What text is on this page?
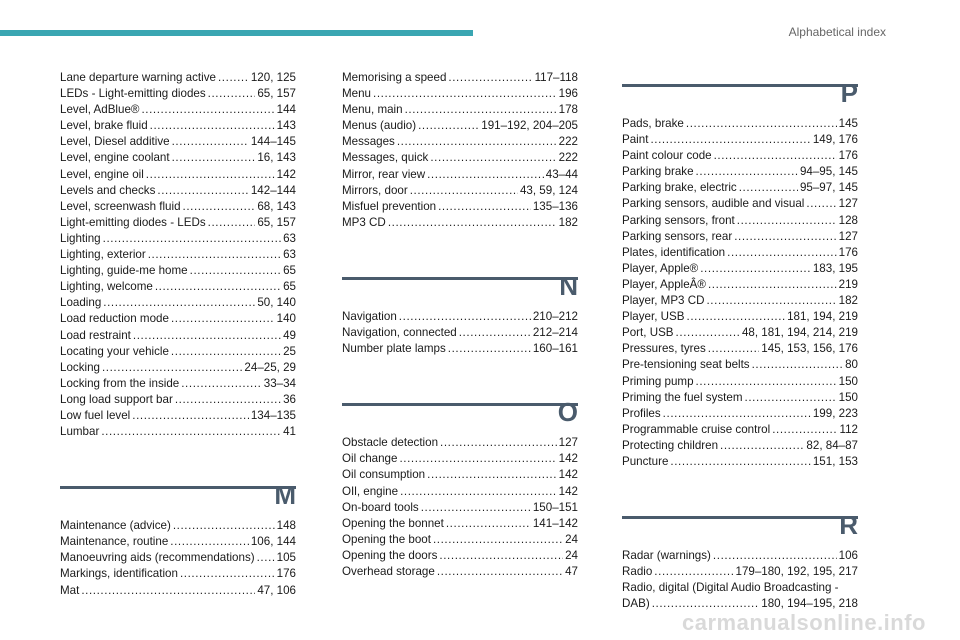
Alphabetical index
Lane departure warning active .....	120, 125
LEDs - Light-emitting diodes .....	65, 157
Level, AdBlue® .....	144
Level, brake fluid .....	143
Level, Diesel additive .....	144–145
Level, engine coolant .....	16, 143
Level, engine oil .....	142
Levels and checks .....	142–144
Level, screenwash fluid .....	68, 143
Light-emitting diodes - LEDs .....	65, 157
Lighting .....	63
Lighting, exterior .....	63
Lighting, guide-me home .....	65
Lighting, welcome .....	65
Loading .....	50, 140
Load reduction mode .....	140
Load restraint .....	49
Locating your vehicle .....	25
Locking .....	24–25, 29
Locking from the inside .....	33–34
Long load support bar .....	36
Low fuel level .....	134–135
Lumbar .....	41
M
Maintenance (advice) .....	148
Maintenance, routine .....	106, 144
Manoeuvring aids (recommendations) ..... 105
Markings, identification .....	176
Mat .....	47, 106
Memorising a speed .....	117–118
Menu .....	196
Menu, main .....	178
Menus (audio) .....	191–192, 204–205
Messages .....	222
Messages, quick .....	222
Mirror, rear view .....	43–44
Mirrors, door .....	43, 59, 124
Misfuel prevention .....	135–136
MP3 CD .....	182
N
Navigation .....	210–212
Navigation, connected .....	212–214
Number plate lamps .....	160–161
O
Obstacle detection .....	127
Oil change .....	142
Oil consumption .....	142
OIl, engine .....	142
On-board tools .....	150–151
Opening the bonnet .....	141–142
Opening the boot .....	24
Opening the doors .....	24
Overhead storage .....	47
P
Pads, brake .....	145
Paint .....	149, 176
Paint colour code .....	176
Parking brake .....	94–95, 145
Parking brake, electric .....	95–97, 145
Parking sensors, audible and visual .....	127
Parking sensors, front .....	128
Parking sensors, rear .....	127
Plates, identification .....	176
Player, Apple® .....	183, 195
Player, AppleÂ® .....	219
Player, MP3 CD .....	182
Player, USB .....	181, 194, 219
Port, USB .....	48, 181, 194, 214, 219
Pressures, tyres .....	145, 153, 156, 176
Pre-tensioning seat belts .....	80
Priming pump .....	150
Priming the fuel system .....	150
Profiles .....	199, 223
Programmable cruise control .....	112
Protecting children .....	82, 84–87
Puncture .....	151, 153
R
Radar (warnings) .....	106
Radio .....	179–180, 192, 195, 217
Radio, digital (Digital Audio Broadcasting -
DAB) .....	180, 194–195, 218
carmanualsonline.info
